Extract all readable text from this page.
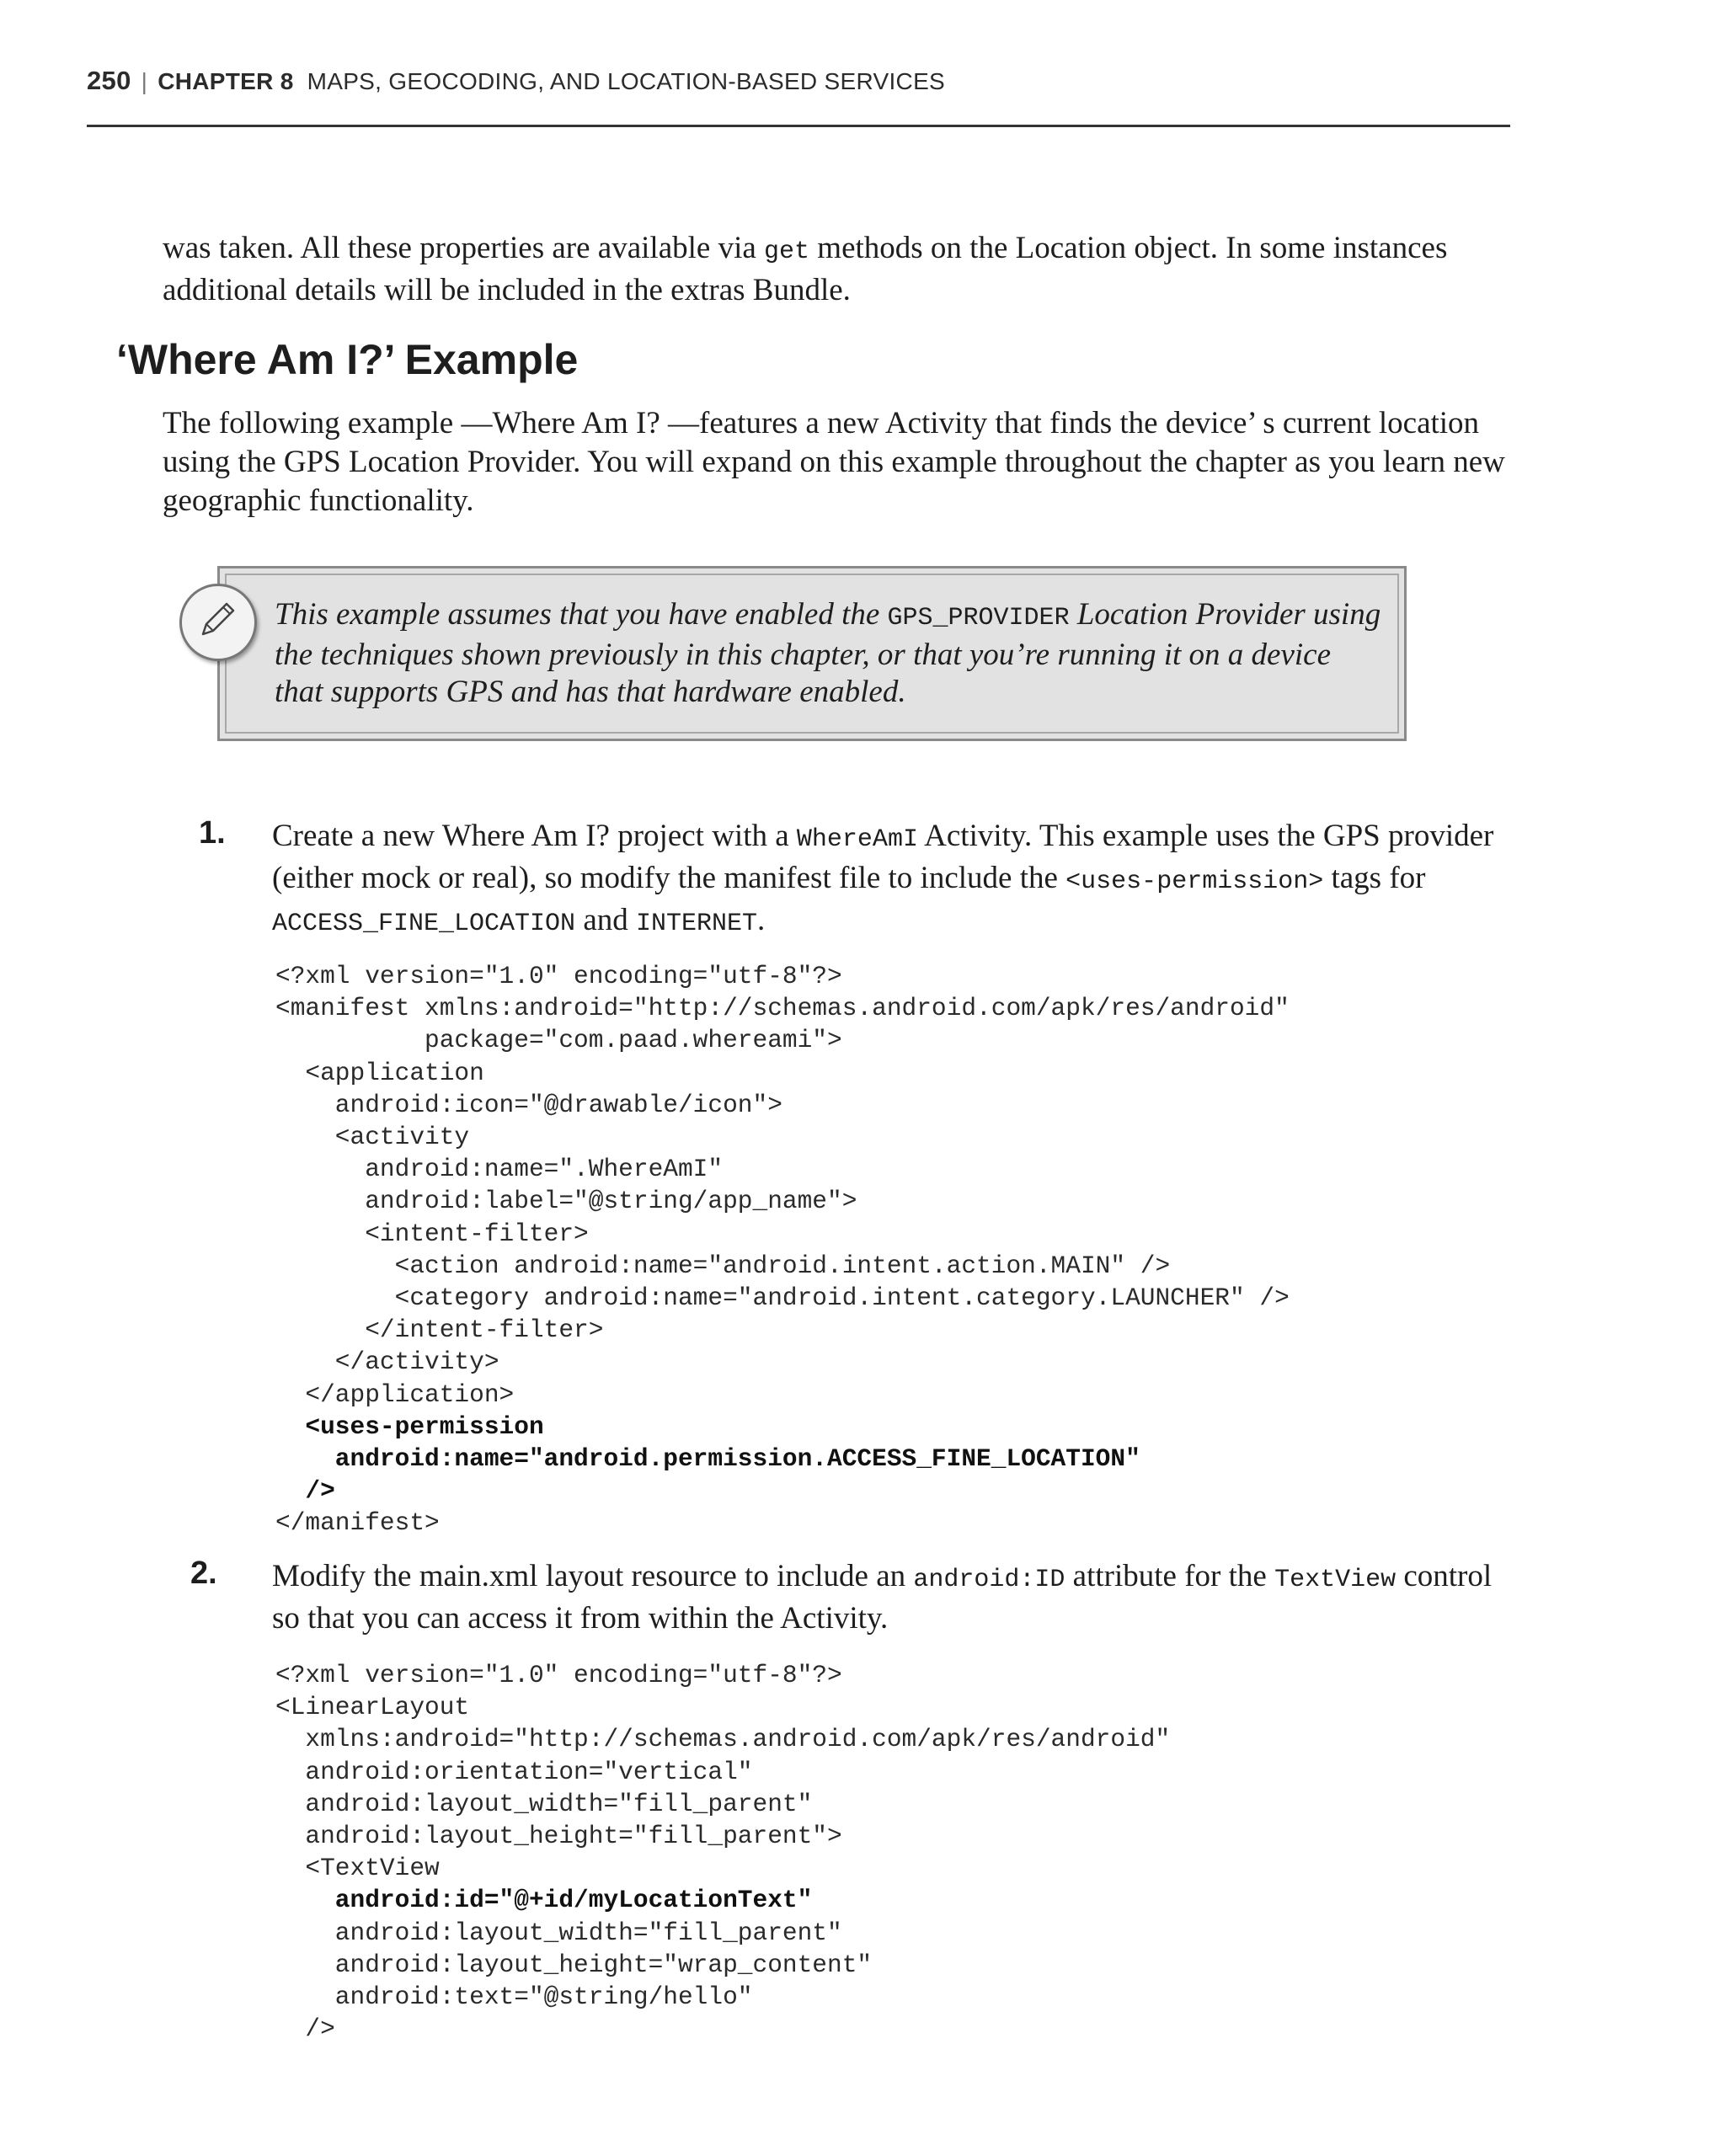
250 | CHAPTER 8 MAPS, GEOCODING, AND LOCATION-BASED SERVICES
was taken. All these properties are available via get methods on the Location object. In some instances additional details will be included in the extras Bundle.
‘Where Am I?’ Example
The following example —Where Am I? —features a new Activity that finds the device’ s current location using the GPS Location Provider. You will expand on this example throughout the chapter as you learn new geographic functionality.
This example assumes that you have enabled the GPS_PROVIDER Location Provider using the techniques shown previously in this chapter, or that you’re running it on a device that supports GPS and has that hardware enabled.
1. Create a new Where Am I? project with a WhereAmI Activity. This example uses the GPS provider (either mock or real), so modify the manifest file to include the <uses-permission> tags for ACCESS_FINE_LOCATION and INTERNET.
<?xml version="1.0" encoding="utf-8"?>
<manifest xmlns:android="http://schemas.android.com/apk/res/android"
package="com.paad.whereami">
<application
android:icon="@drawable/icon">
<activity
android:name=".WhereAmI"
android:label="@string/app_name">
<intent-filter>
<action android:name="android.intent.action.MAIN" />
<category android:name="android.intent.category.LAUNCHER" />
</intent-filter>
</activity>
</application>
<uses-permission
android:name="android.permission.ACCESS_FINE_LOCATION"
/>
</manifest>

2. Modify the main.xml layout resource to include an android:ID attribute for the TextView control so that you can access it from within the Activity.
<?xml version="1.0" encoding="utf-8"?>
<LinearLayout
xmlns:android="http://schemas.android.com/apk/res/android"
android:orientation="vertical"
android:layout_width="fill_parent"
android:layout_height="fill_parent">
<TextView
android:id="@+id/myLocationText"
android:layout_width="fill_parent"
android:layout_height="wrap_content"
android:text="@string/hello"
/>
